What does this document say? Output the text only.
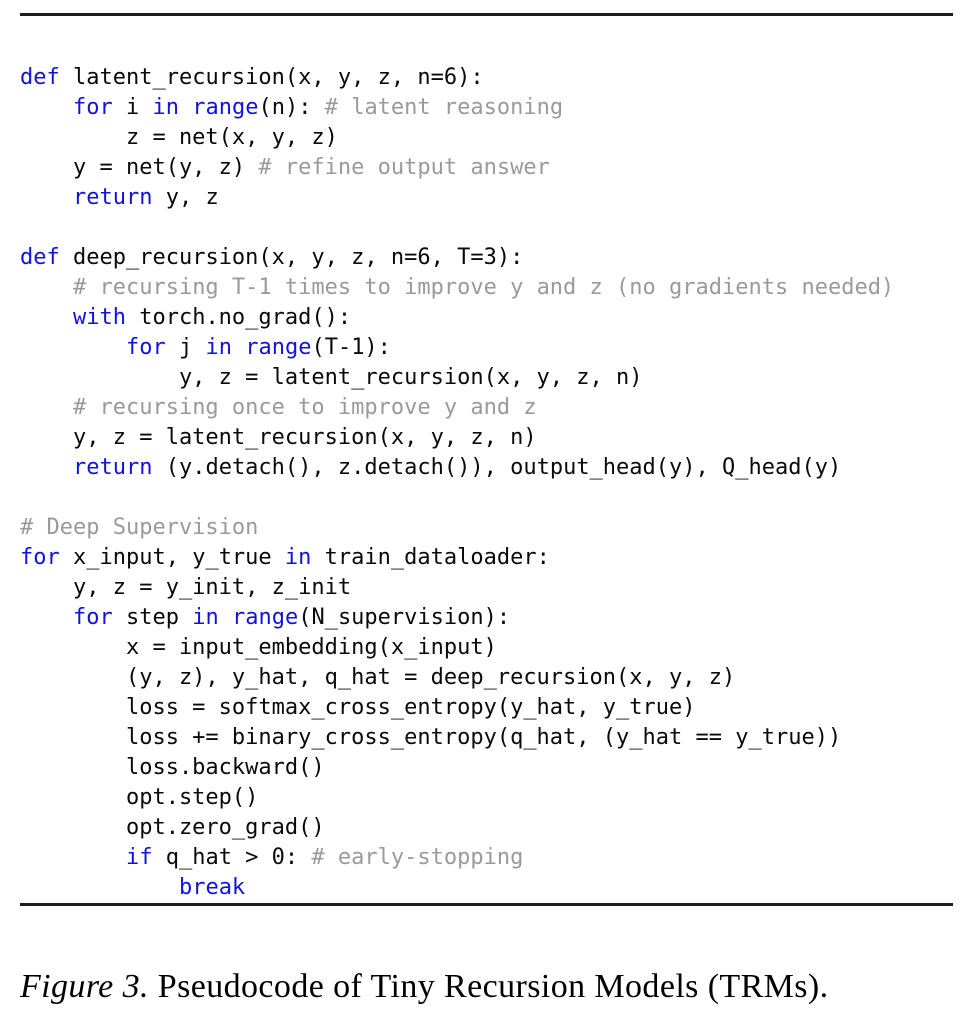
def latent_recursion(x, y, z, n=6):
for i in range(n): # latent reasoning
z = net(x, y, z)
y = net(y, z) # refine output answer
return y, z

def deep_recursion(x, y, z, n=6, T=3):
# recursing T-1 times to improve y and z (no gradients needed)
with torch.no_grad():
for j in range(T-1):
y, z = latent_recursion(x, y, z, n)
# recursing once to improve y and z
y, z = latent_recursion(x, y, z, n)
return (y.detach(), z.detach()), output_head(y), Q_head(y)

# Deep Supervision
for x_input, y_true in train_dataloader:
y, z = y_init, z_init
for step in range(N_supervision):
x = input_embedding(x_input)
(y, z), y_hat, q_hat = deep_recursion(x, y, z)
loss = softmax_cross_entropy(y_hat, y_true)
loss += binary_cross_entropy(q_hat, (y_hat == y_true))
loss.backward()
opt.step()
opt.zero_grad()
if q_hat > 0: # early-stopping
break
Figure 3. Pseudocode of Tiny Recursion Models (TRMs).
